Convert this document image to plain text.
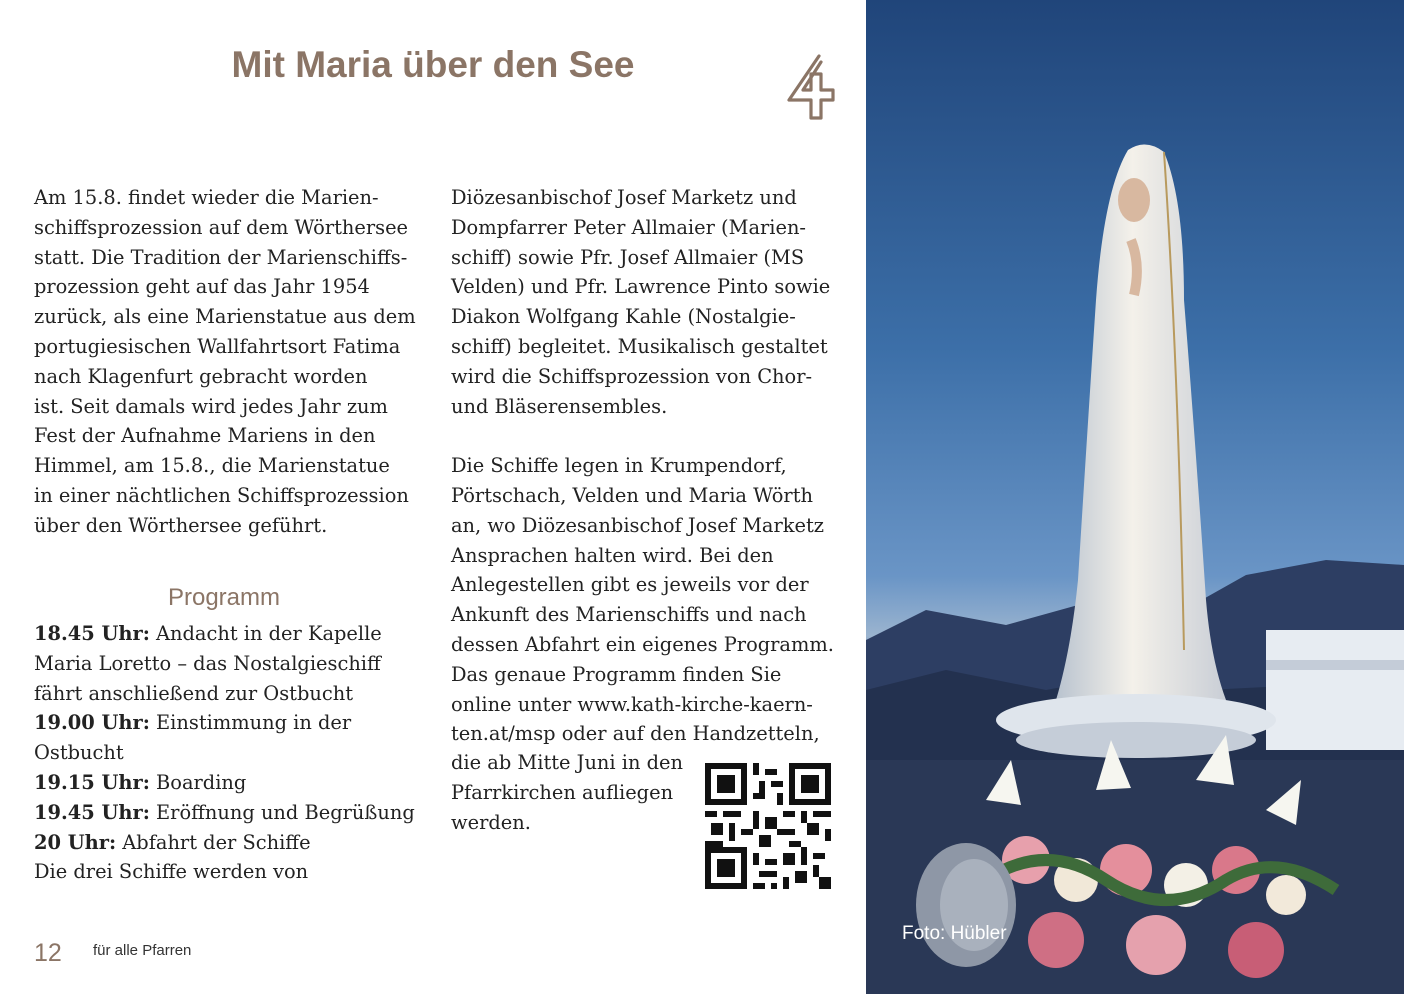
Mit Maria über den See

Am 15.8. findet wieder die Marien-
schiffsprozession auf dem Wörthersee
statt. Die Tradition der Marienschiffs-
prozession geht auf das Jahr 1954
zurück, als eine Marienstatue aus dem
portugiesischen Wallfahrtsort Fatima
nach Klagenfurt gebracht worden
ist. Seit damals wird jedes Jahr zum
Fest der Aufnahme Mariens in den
Himmel, am 15.8., die Marienstatue
in einer nächtlichen Schiffsprozession
über den Wörthersee geführt.

Programm

18.45 Uhr: Andacht in der Kapelle
Maria Loretto – das Nostalgieschiff
fährt anschließend zur Ostbucht

19.00 Uhr: Einstimmung in der
Ostbucht

19.15 Uhr: Boarding

19.45 Uhr: Eröffnung und Begrüßung

20 Uhr: Abfahrt der Schiffe

Die drei Schiffe werden von

Diözesanbischof Josef Marketz und
Dompfarrer Peter Allmaier (Marien-
schiff) sowie Pfr. Josef Allmaier (MS
Velden) und Pfr. Lawrence Pinto sowie
Diakon Wolfgang Kahle (Nostalgie-
schiff) begleitet. Musikalisch gestaltet
wird die Schiffsprozession von Chor-
und Bläserensembles.

Die Schiffe legen in Krumpendorf,
Pörtschach, Velden und Maria Wörth
an, wo Diözesanbischof Josef Marketz
Ansprachen halten wird. Bei den
Anlegestellen gibt es jeweils vor der
Ankunft des Marienschiffs und nach
dessen Abfahrt ein eigenes Programm.
Das genaue Programm finden Sie
online unter www.kath-kirche-kaern-
ten.at/msp oder auf den Handzetteln,

die ab Mitte Juni in den
Pfarrkirchen aufliegen
werden.
12 für alle Pfarren
Foto: Hübler
